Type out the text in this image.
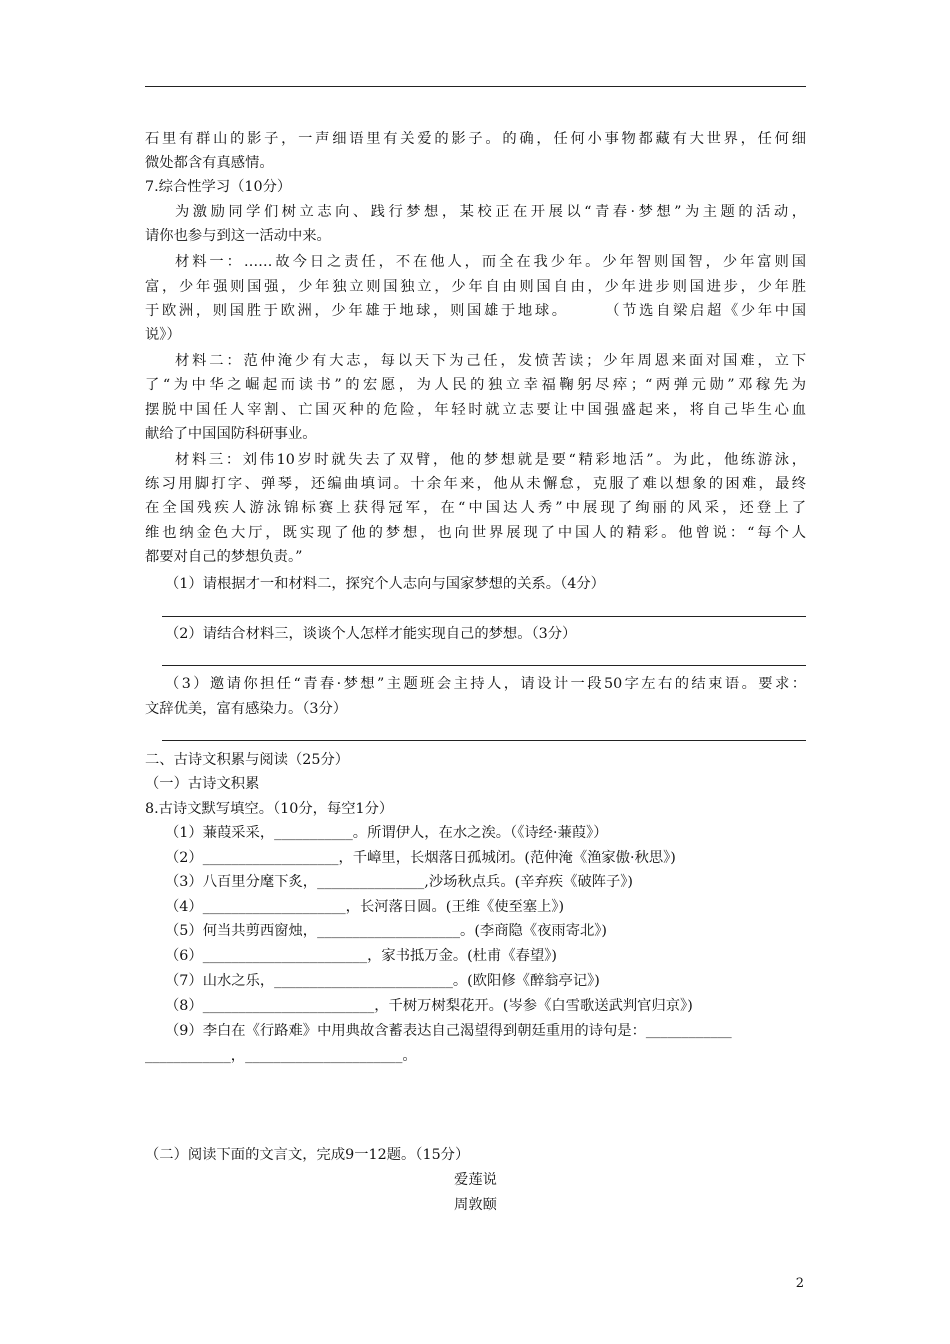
石里有群山的影子，一声细语里有关爱的影子。的确，任何小事物都藏有大世界，任何细
微处都含有真感情。
7.综合性学习（10分）
为激励同学们树立志向、践行梦想，某校正在开展以“青春·梦想”为主题的活动，
请你也参与到这一活动中来。
材料一：……故今日之责任，不在他人，而全在我少年。少年智则国智，少年富则国
富，少年强则国强，少年独立则国独立，少年自由则国自由，少年进步则国进步，少年胜
于欧洲，则国胜于欧洲，少年雄于地球，则国雄于地球。　　　（节选自梁启超《少年中国
说》）
材料二：范仲淹少有大志，每以天下为己任，发愤苦读；少年周恩来面对国难，立下
了“为中华之崛起而读书”的宏愿，为人民的独立幸福鞠躬尽瘁；“两弹元勋”邓稼先为
摆脱中国任人宰割、亡国灭种的危险，年轻时就立志要让中国强盛起来，将自己毕生心血
献给了中国国防科研事业。
材料三：刘伟10岁时就失去了双臂，他的梦想就是要“精彩地活”。为此，他练游泳，
练习用脚打字、弹琴，还编曲填词。十余年来，他从未懈怠，克服了难以想象的困难，最终
在全国残疾人游泳锦标赛上获得冠军，在“中国达人秀”中展现了绚丽的风采，还登上了
维也纳金色大厅，既实现了他的梦想，也向世界展现了中国人的精彩。他曾说：“每个人
都要对自己的梦想负责。”
（1）请根据才一和材料二，探究个人志向与国家梦想的关系。（4分）
（2）请结合材料三，谈谈个人怎样才能实现自己的梦想。（3分）
（3）邀请你担任“青春·梦想”主题班会主持人，请设计一段50字左右的结束语。要求：
文辞优美，富有感染力。（3分）
二、古诗文积累与阅读（25分）
（一）古诗文积累
8.古诗文默写填空。（10分，每空1分）
（1）蒹葭采采，___________。所谓伊人，在水之涘。（《诗经·蒹葭》）
（2）___________________，千嶂里，长烟落日孤城闭。(范仲淹《渔家傲·秋思》)
（3）八百里分麾下炙，_______________,沙场秋点兵。(辛弃疾《破阵子》)
（4）____________________，长河落日圆。(王维《使至塞上》)
（5）何当共剪西窗烛，____________________。(李商隐《夜雨寄北》)
（6）_______________________，家书抵万金。(杜甫《春望》)
（7）山水之乐，_________________________。(欧阳修《醉翁亭记》)
（8）________________________，千树万树梨花开。(岑参《白雪歌送武判官归京》)
（9）李白在《行路难》中用典故含蓄表达自己渴望得到朝廷重用的诗句是：____________
____________，______________________。
（二）阅读下面的文言文，完成9一12题。（15分）
爱莲说
周敦颐
2
